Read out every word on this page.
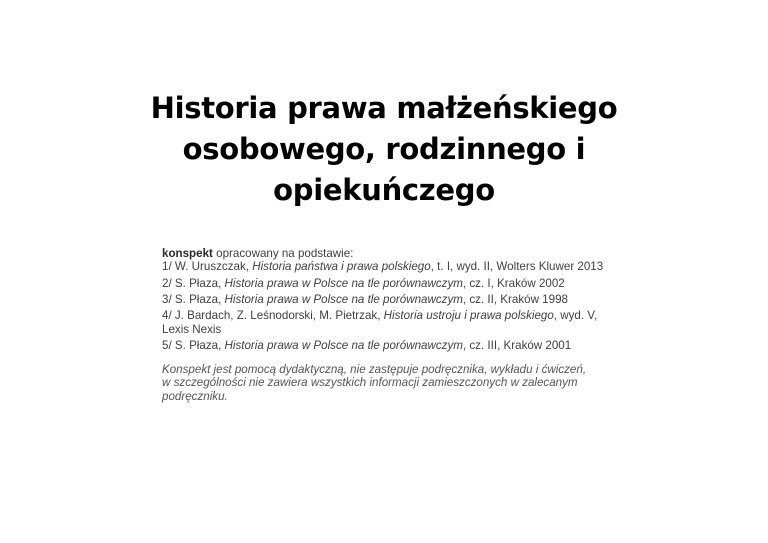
Historia prawa małżeńskiego
osobowego, rodzinnego i
opiekuńczego

konspekt opracowany na podstawie:

1/ W. Uruszczak, Historia państwa i prawa polskiego, t. I, wyd. II, Wolters Kluwer 2013
2/ S. Płaza, Historia prawa w Polsce na tle porównawczym, cz. I, Kraków 2002
3/ S. Płaza, Historia prawa w Polsce na tle porównawczym, cz. II, Kraków 1998
4/ J. Bardach, Z. Leśnodorski, M. Pietrzak, Historia ustroju i prawa polskiego, wyd. V, Lexis Nexis
5/ S. Płaza, Historia prawa w Polsce na tle porównawczym, cz. III, Kraków 2001

Konspekt jest pomocą dydaktyczną, nie zastępuje podręcznika, wykładu i ćwiczeń, w szczególności nie zawiera wszystkich informacji zamieszczonych w zalecanym podręczniku.
